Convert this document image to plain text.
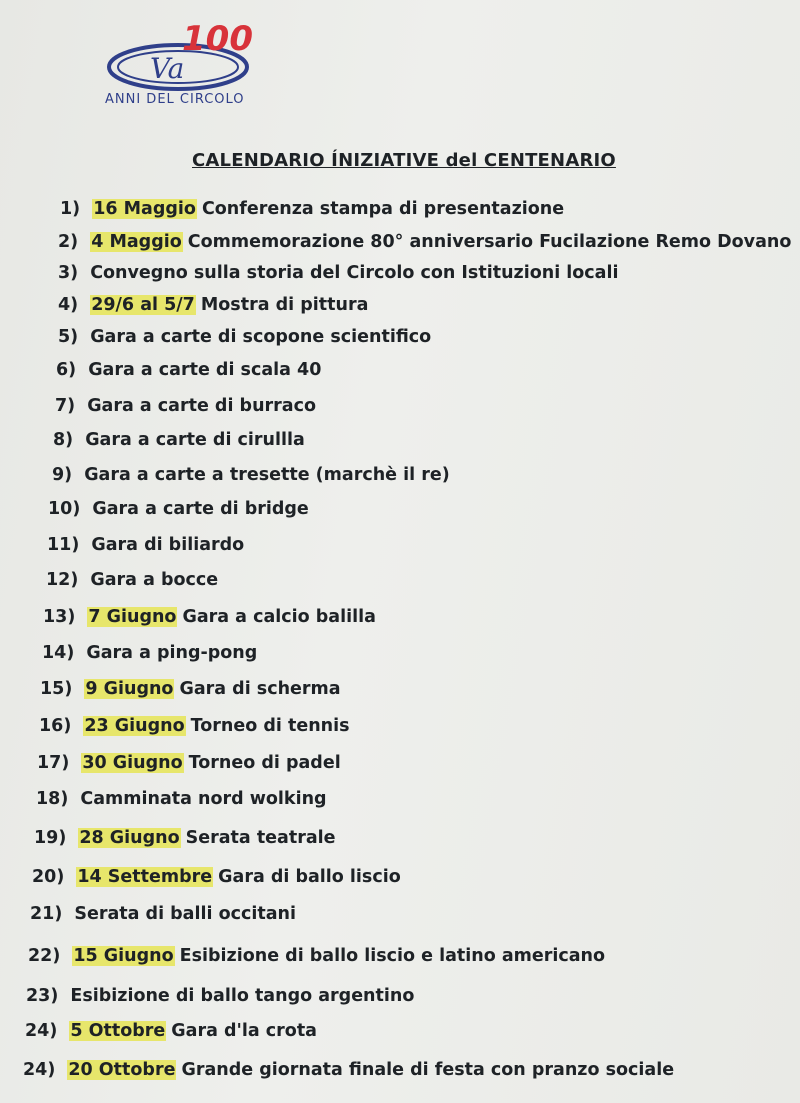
Va
100
ANNI DEL CIRCOLO
CALENDARIO ÍNIZIATIVE del CENTENARIO
1) 16 Maggio Conferenza stampa di presentazione
2) 4 Maggio Commemorazione 80° anniversario Fucilazione Remo Dovano
3) Convegno sulla storia del Circolo con Istituzioni locali
4) 29/6 al 5/7 Mostra di pittura
5) Gara a carte di scopone scientifico
6) Gara a carte di scala 40
7) Gara a carte di burraco
8) Gara a carte di cirullla
9) Gara a carte a tresette (marchè il re)
10) Gara a carte di bridge
11) Gara di biliardo
12) Gara a bocce
13) 7 Giugno Gara a calcio balilla
14) Gara a ping-pong
15) 9 Giugno Gara di scherma
16) 23 Giugno Torneo di tennis
17) 30 Giugno Torneo di padel
18) Camminata nord wolking
19) 28 Giugno Serata teatrale
20) 14 Settembre Gara di ballo liscio
21) Serata di balli occitani
22) 15 Giugno Esibizione di ballo liscio e latino americano
23) Esibizione di ballo tango argentino
24) 5 Ottobre Gara d'la crota
24) 20 Ottobre Grande giornata finale di festa con pranzo sociale
